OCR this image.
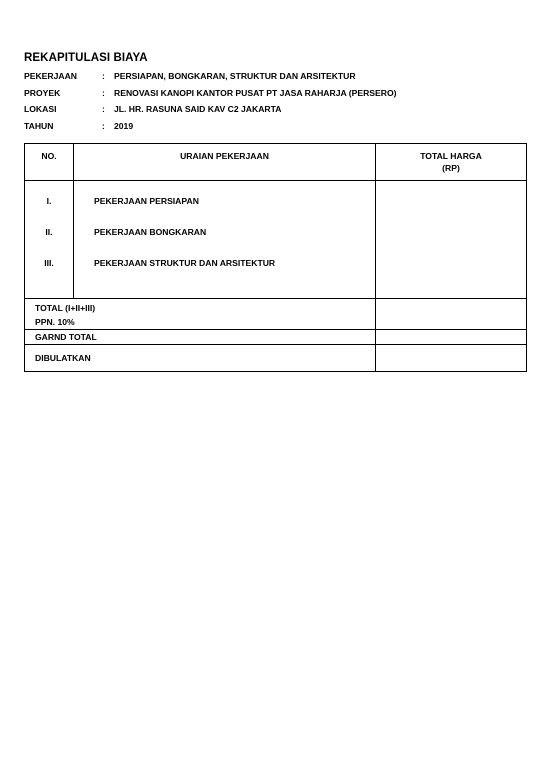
REKAPITULASI BIAYA
PEKERJAAN	: PERSIAPAN, BONGKARAN, STRUKTUR DAN ARSITEKTUR
PROYEK	: RENOVASI KANOPI KANTOR PUSAT PT JASA RAHARJA (PERSERO)
LOKASI	: JL. HR. RASUNA SAID KAV C2 JAKARTA
TAHUN	: 2019
NO.	URAIAN PEKERJAAN	TOTAL HARGA
(RP)

I.	PEKERJAAN PERSIAPAN	
II.	PEKERJAAN BONGKARAN	
III.	PEKERJAAN STRUKTUR DAN ARSITEKTUR	

TOTAL (I+II+III)		
PPN. 10%		
GARND TOTAL		
DIBULATKAN		
